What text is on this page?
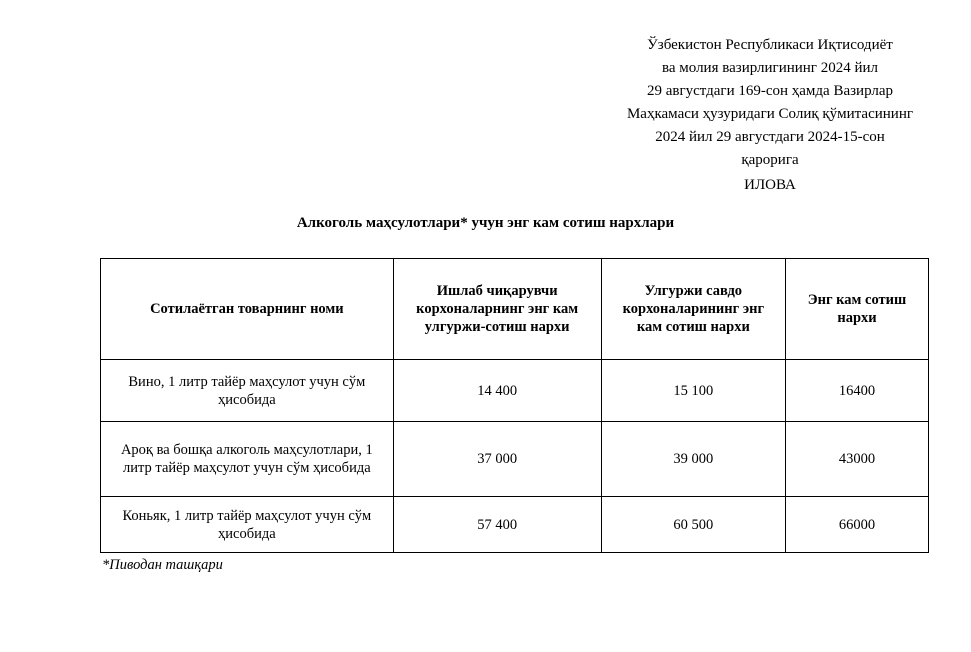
Ўзбекистон Республикаси Иқтисодиёт
ва молия вазирлигининг 2024 йил
29 августдаги 169-сон ҳамда Вазирлар
Маҳкамаси ҳузуридаги Солиқ қўмитасининг
2024 йил 29 августдаги 2024-15-сон
қарорига
ИЛОВА
Алкоголь маҳсулотлари* учун энг кам сотиш нархлари
Сотилаётган товарнинг номи	Ишлаб чиқарувчи корхоналарнинг энг кам улгуржи-сотиш нархи	Улгуржи савдо корхоналарининг энг кам сотиш нархи	Энг кам сотиш нархи
Вино, 1 литр тайёр маҳсулот учун сўм ҳисобида	14 400	15 100	16400
Ароқ ва бошқа алкоголь маҳсулотлари, 1 литр тайёр маҳсулот учун сўм ҳисобида	37 000	39 000	43000
Коньяк, 1 литр тайёр маҳсулот учун сўм ҳисобида	57 400	60 500	66000
*Пиводан ташқари
